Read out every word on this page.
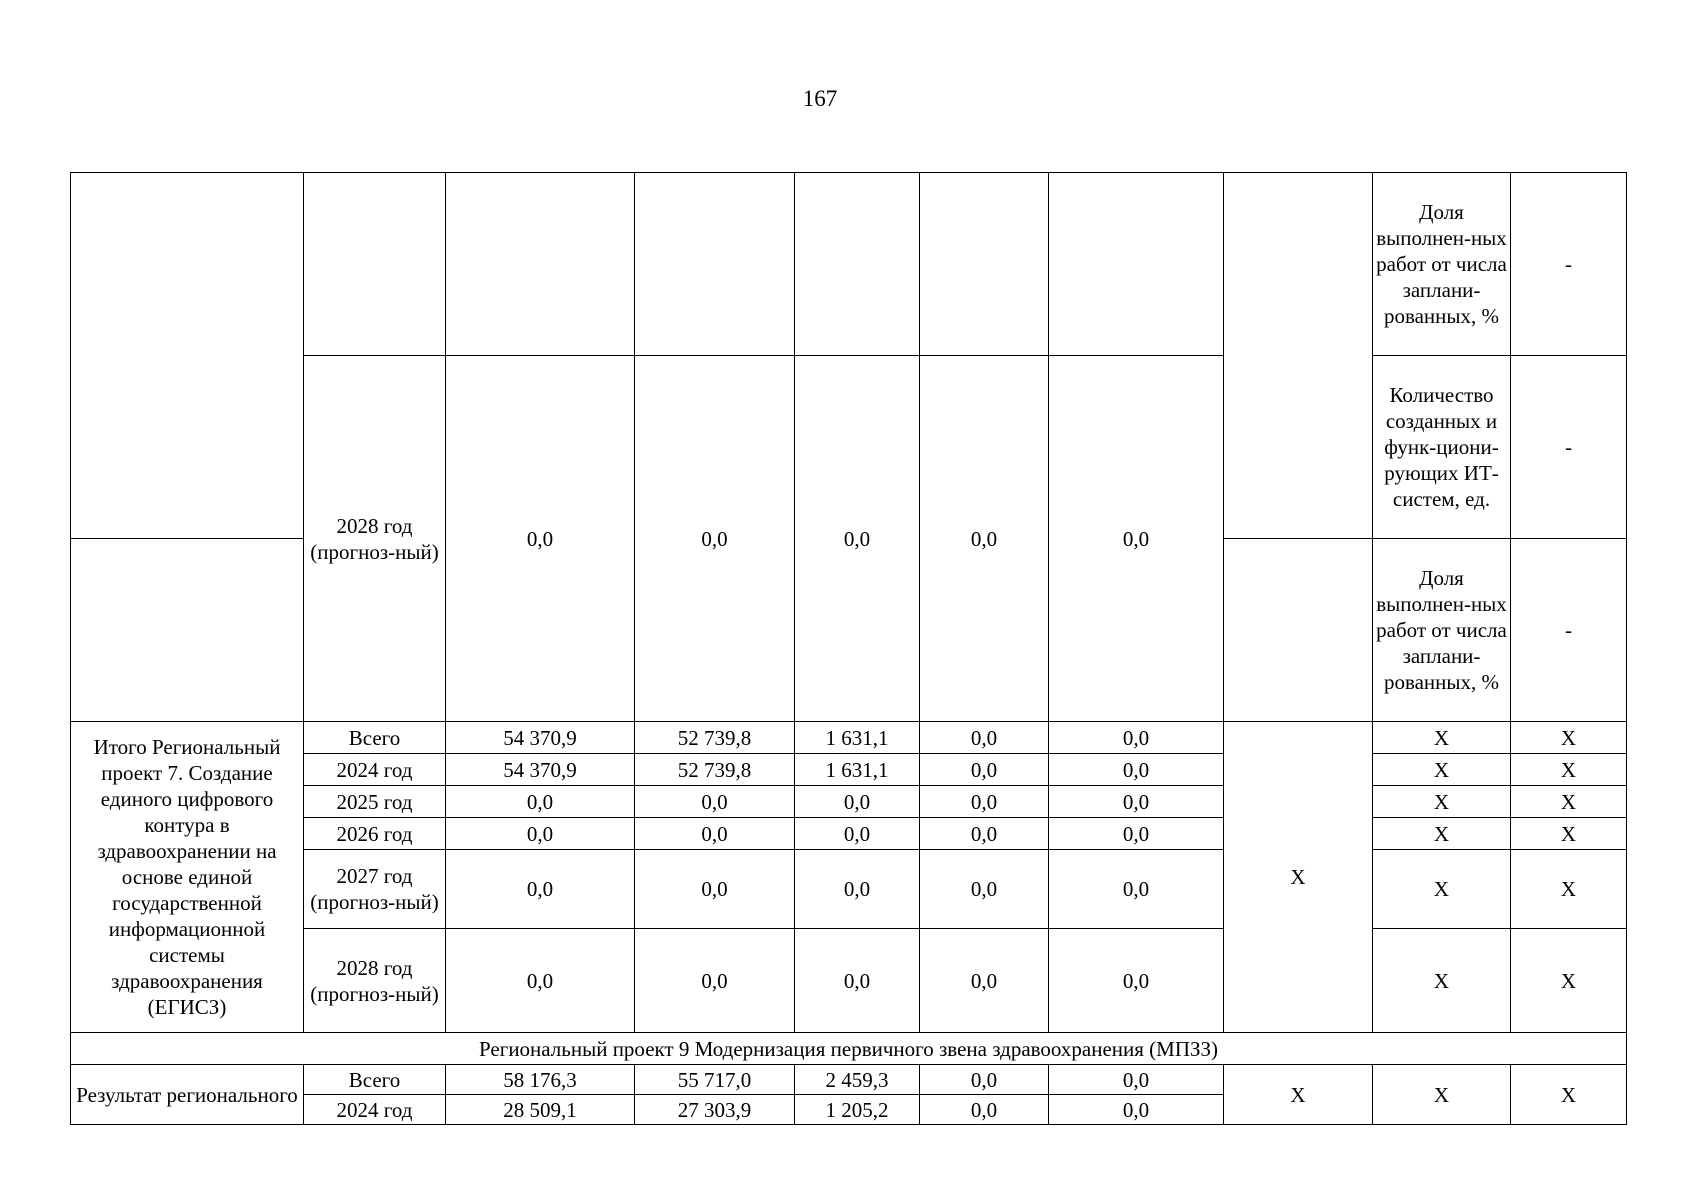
167
								Доля выполнен-ных работ от числа заплани-рованных, %	-
	2028 год (прогноз-ный)	0,0	0,0	0,0	0,0	0,0		Количество созданных и функ-циони-рующих ИТ-систем, ед.	-
								Доля выполнен-ных работ от числа заплани-рованных, %	-
Итого Региональный проект 7. Создание единого цифрового контура в здравоохранении на основе единой государственной информационной системы здравоохранения (ЕГИСЗ)	Всего	54 370,9	52 739,8	1 631,1	0,0	0,0	Х	Х	Х
	2024 год	54 370,9	52 739,8	1 631,1	0,0	0,0		Х	Х
	2025 год	0,0	0,0	0,0	0,0	0,0		Х	Х
	2026 год	0,0	0,0	0,0	0,0	0,0		Х	Х
	2027 год (прогноз-ный)	0,0	0,0	0,0	0,0	0,0		Х	Х
	2028 год (прогноз-ный)	0,0	0,0	0,0	0,0	0,0		Х	Х
Региональный проект 9 Модернизация первичного звена здравоохранения (МПЗЗ)									
Результат регионального	Всего	58 176,3	55 717,0	2 459,3	0,0	0,0	Х	Х	Х
	2024 год	28 509,1	27 303,9	1 205,2	0,0	0,0			
